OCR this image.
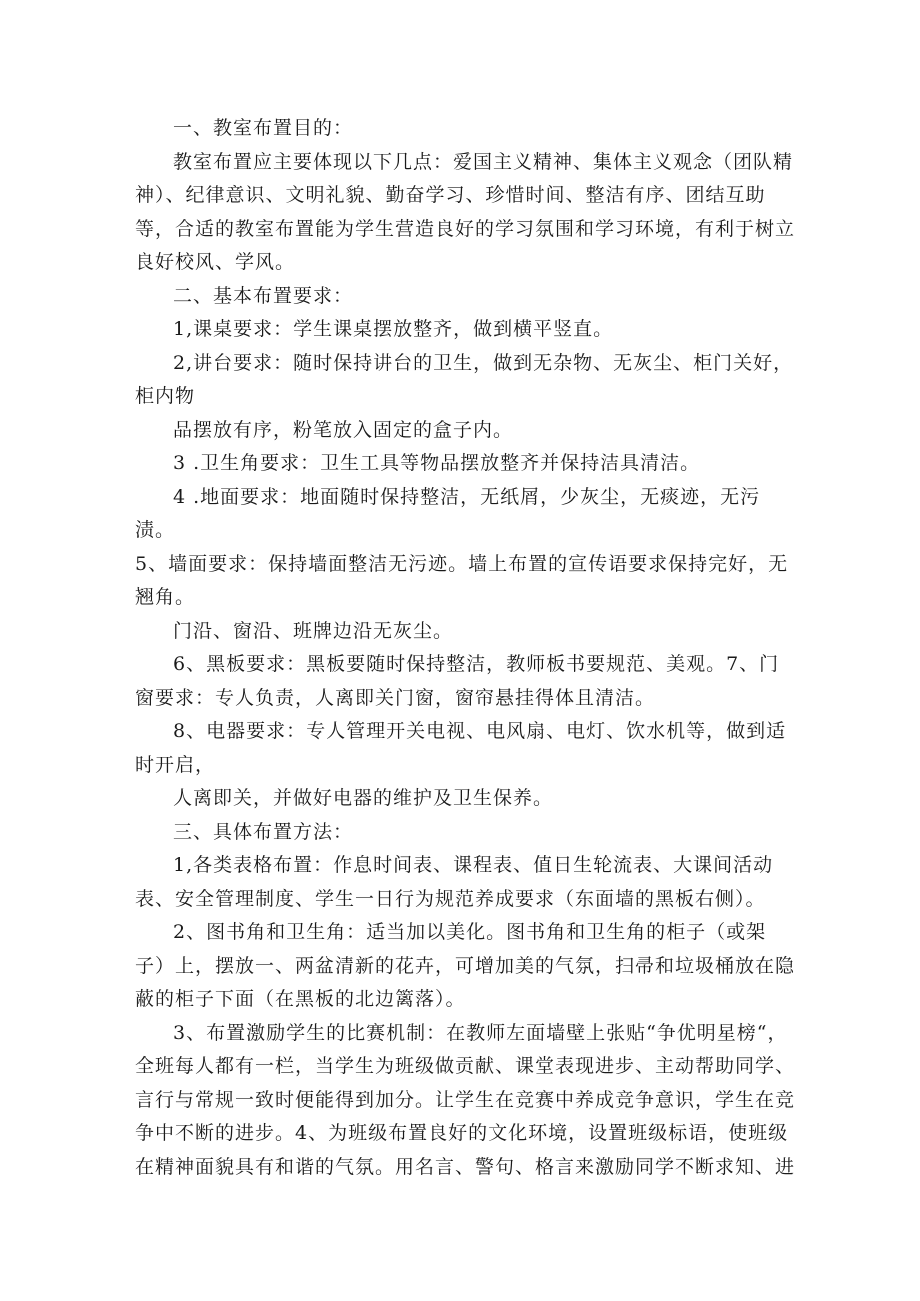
一、教室布置目的：

教室布置应主要体现以下几点：爱国主义精神、集体主义观念（团队精神）、纪律意识、文明礼貌、勤奋学习、珍惜时间、整洁有序、团结互助等，合适的教室布置能为学生营造良好的学习氛围和学习环境，有利于树立良好校风、学风。

二、基本布置要求：

1,课桌要求：学生课桌摆放整齐，做到横平竖直。

2,讲台要求：随时保持讲台的卫生，做到无杂物、无灰尘、柜门关好，柜内物

品摆放有序，粉笔放入固定的盒子内。

3 .卫生角要求：卫生工具等物品摆放整齐并保持洁具清洁。

4 .地面要求：地面随时保持整洁，无纸屑，少灰尘，无痰迹，无污渍。

5、墙面要求：保持墙面整洁无污迹。墙上布置的宣传语要求保持完好，无翘角。

门沿、窗沿、班牌边沿无灰尘。

6、黑板要求：黑板要随时保持整洁，教师板书要规范、美观。7、门窗要求：专人负责，人离即关门窗，窗帘悬挂得体且清洁。

8、电器要求：专人管理开关电视、电风扇、电灯、饮水机等，做到适时开启，

人离即关，并做好电器的维护及卫生保养。

三、具体布置方法：

1,各类表格布置：作息时间表、课程表、值日生轮流表、大课间活动表、安全管理制度、学生一日行为规范养成要求（东面墙的黑板右侧）。

2、图书角和卫生角：适当加以美化。图书角和卫生角的柜子（或架子）上，摆放一、两盆清新的花卉，可增加美的气氛，扫帚和垃圾桶放在隐蔽的柜子下面（在黑板的北边篱落）。

3、布置激励学生的比赛机制：在教师左面墙壁上张贴“争优明星榜“，全班每人都有一栏，当学生为班级做贡献、课堂表现进步、主动帮助同学、言行与常规一致时便能得到加分。让学生在竞赛中养成竞争意识，学生在竞争中不断的进步。4、为班级布置良好的文化环境，设置班级标语，使班级在精神面貌具有和谐的气氛。用名言、警句、格言来激励同学不断求知、进
